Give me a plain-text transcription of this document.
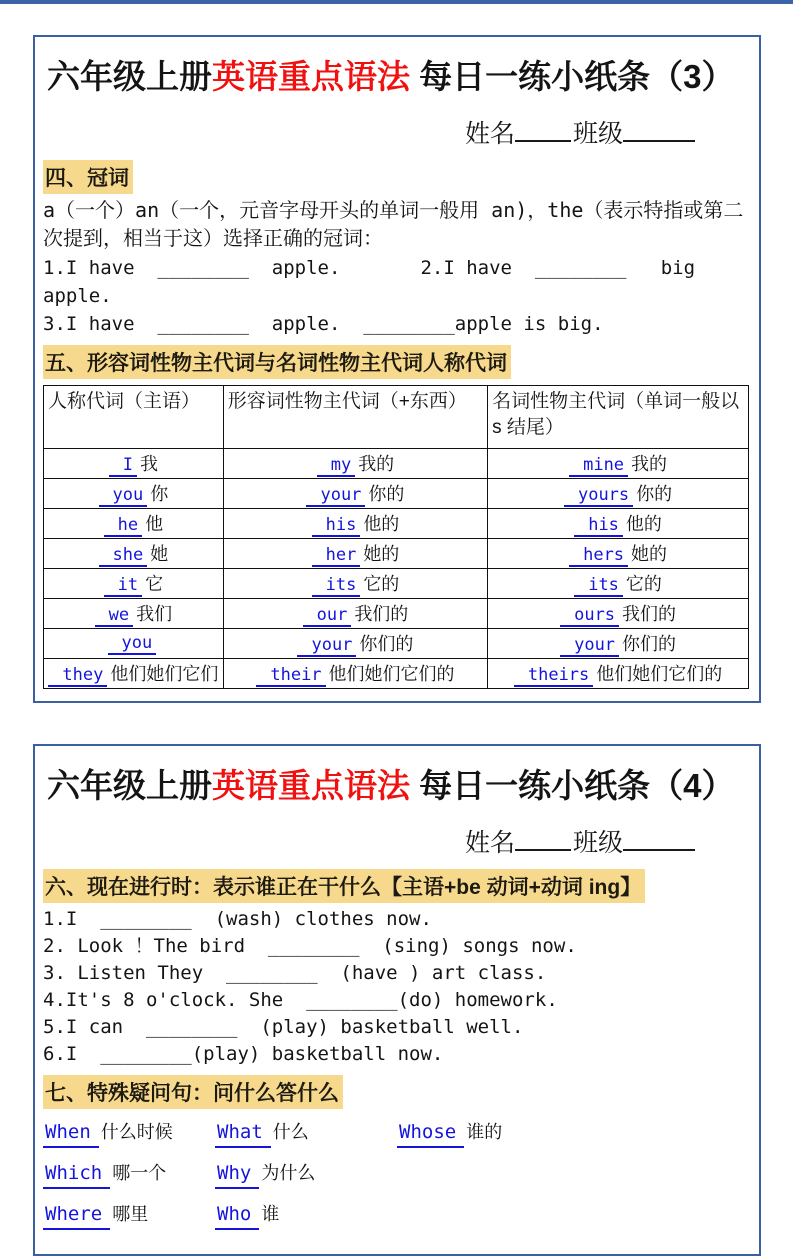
六年级上册英语重点语法 每日一练小纸条（3）
姓名 班级
四、冠词
a（一个）an（一个，元音字母开头的单词一般用 an)，the（表示特指或第二次提到，相当于这）选择正确的冠词：
1.I have  ________  apple.       2.I have  ________   big apple.
3.I have  ________  apple.  ________apple is big.
五、形容词性物主代词与名词性物主代词人称代词
人称代词（主语）	形容词性物主代词（+东西）	名词性物主代词（单词一般以 s 结尾）
I 我	my 我的	mine 我的
you 你	your 你的	yours 你的
he 他	his 他的	his 他的
she 她	her 她的	hers 她的
it 它	its 它的	its 它的
we 我们	our 我们的	ours 我们的
you	your 你们的	your 你们的
they 他们她们它们	their 他们她们它们的	theirs 他们她们它们的
六年级上册英语重点语法 每日一练小纸条（4）
姓名 班级
六、现在进行时：表示谁正在干什么【主语+be 动词+动词 ing】
1.I  ________  (wash) clothes now.
2. Look ！The bird  ________  (sing) songs now.
3. Listen They  ________  (have ) art class.
4.It's 8 o'clock. She  ________(do) homework.
5.I can  ________  (play) basketball well.
6.I  ________(play) basketball now.
七、特殊疑问句：问什么答什么
When 什么时候 What 什么	Whose 谁的
Which 哪一个	Why 为什么
Where 哪里	Who 谁
